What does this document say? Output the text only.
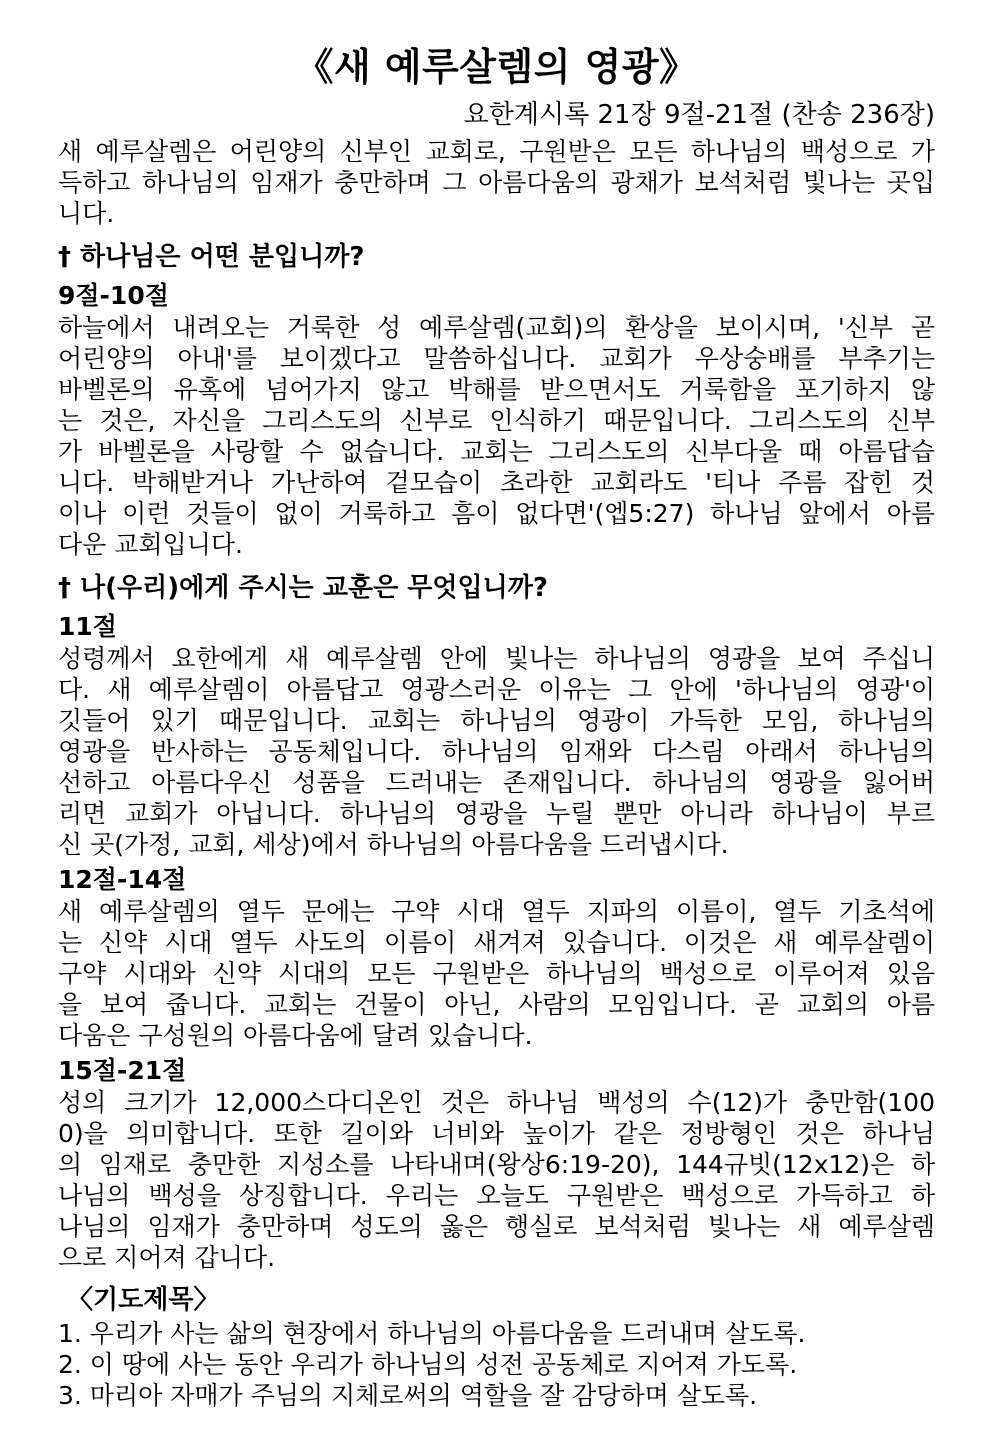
《새 예루살렘의 영광》
요한계시록 21장 9절-21절 (찬송 236장)
새 예루살렘은 어린양의 신부인 교회로, 구원받은 모든 하나님의 백성으로 가
득하고 하나님의 임재가 충만하며 그 아름다움의 광채가 보석처럼 빛나는 곳입
니다.
† 하나님은 어떤 분입니까?
9절-10절
하늘에서 내려오는 거룩한 성 예루살렘(교회)의 환상을 보이시며, '신부 곧
어린양의 아내'를 보이겠다고 말씀하십니다. 교회가 우상숭배를 부추기는
바벨론의 유혹에 넘어가지 않고 박해를 받으면서도 거룩함을 포기하지 않
는 것은, 자신을 그리스도의 신부로 인식하기 때문입니다. 그리스도의 신부
가 바벨론을 사랑할 수 없습니다. 교회는 그리스도의 신부다울 때 아름답습
니다. 박해받거나 가난하여 겉모습이 초라한 교회라도 '티나 주름 잡힌 것
이나 이런 것들이 없이 거룩하고 흠이 없다면'(엡5:27) 하나님 앞에서 아름
다운 교회입니다.
† 나(우리)에게 주시는 교훈은 무엇입니까?
11절
성령께서 요한에게 새 예루살렘 안에 빛나는 하나님의 영광을 보여 주십니
다. 새 예루살렘이 아름답고 영광스러운 이유는 그 안에 '하나님의 영광'이
깃들어 있기 때문입니다. 교회는 하나님의 영광이 가득한 모임, 하나님의
영광을 반사하는 공동체입니다. 하나님의 임재와 다스림 아래서 하나님의
선하고 아름다우신 성품을 드러내는 존재입니다. 하나님의 영광을 잃어버
리면 교회가 아닙니다. 하나님의 영광을 누릴 뿐만 아니라 하나님이 부르
신 곳(가정, 교회, 세상)에서 하나님의 아름다움을 드러냅시다.
12절-14절
새 예루살렘의 열두 문에는 구약 시대 열두 지파의 이름이, 열두 기초석에
는 신약 시대 열두 사도의 이름이 새겨져 있습니다. 이것은 새 예루살렘이
구약 시대와 신약 시대의 모든 구원받은 하나님의 백성으로 이루어져 있음
을 보여 줍니다. 교회는 건물이 아닌, 사람의 모임입니다. 곧 교회의 아름
다움은 구성원의 아름다움에 달려 있습니다.
15절-21절
성의 크기가 12,000스다디온인 것은 하나님 백성의 수(12)가 충만함(100
0)을 의미합니다. 또한 길이와 너비와 높이가 같은 정방형인 것은 하나님
의 임재로 충만한 지성소를 나타내며(왕상6:19-20), 144규빗(12x12)은 하
나님의 백성을 상징합니다. 우리는 오늘도 구원받은 백성으로 가득하고 하
나님의 임재가 충만하며 성도의 옳은 행실로 보석처럼 빛나는 새 예루살렘
으로 지어져 갑니다.
〈기도제목〉
1. 우리가 사는 삶의 현장에서 하나님의 아름다움을 드러내며 살도록.
2. 이 땅에 사는 동안 우리가 하나님의 성전 공동체로 지어져 가도록.
3. 마리아 자매가 주님의 지체로써의 역할을 잘 감당하며 살도록.
